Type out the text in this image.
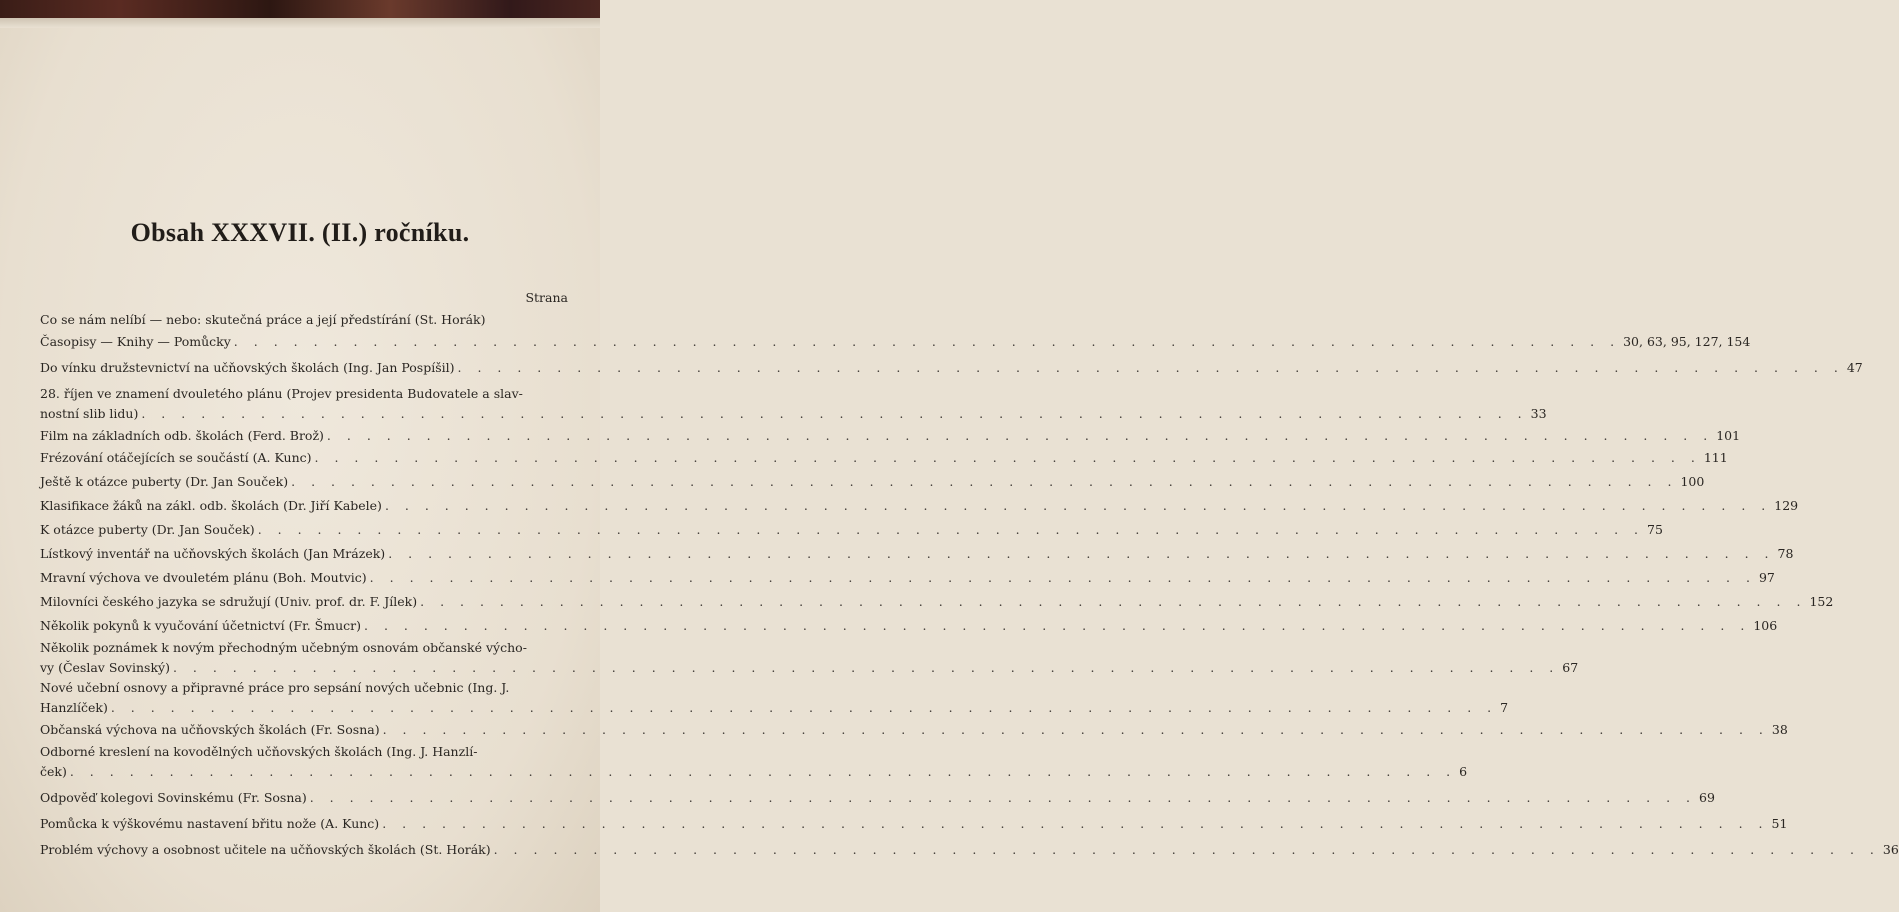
Obsah XXXVII. (II.) ročníku.
Strana
Co se nám nelíbí — nebo: skutečná práce a její předstírání (St. Horák)
Časopisy — Knihy — Pomůcky . . .	30, 63, 95, 127, 154
Do vínku družstevnictví na učňovských školách (Ing. Jan Pospíšil) . . .	47
28. říjen ve znamení dvouletého plánu (Projev presidenta Budovatele a slav-
nostní slib lidu) . . .	33
Film na základních odb. školách (Ferd. Brož) . . .	101
Frézování otáčejících se součástí (A. Kunc) . . .	111
Ještě k otázce puberty (Dr. Jan Souček) . . .	100
Klasifikace žáků na zákl. odb. školách (Dr. Jiří Kabele) . . .	129
K otázce puberty (Dr. Jan Souček) . . .	75
Lístkový inventář na učňovských školách (Jan Mrázek) . . .	78
Mravní výchova ve dvouletém plánu (Boh. Moutvic) . . .	97
Milovníci českého jazyka se sdružují (Univ. prof. dr. F. Jílek) . . .	152
Několik pokynů k vyučování účetnictví (Fr. Šmucr) . . .	106
Několik poznámek k novým přechodným učebným osnovám občanské výcho-
vy (Česlav Sovinský) . . .	67
Nové učební osnovy a připravné práce pro sepsání nových učebnic (Ing. J.
Hanzlíček) . . .	7
Občanská výchova na učňovských školách (Fr. Sosna) . . .	38
Odborné kreslení na kovodělných učňovských školách (Ing. J. Hanzlí-
ček) . . .	6
Odpověď kolegovi Sovinskému (Fr. Sosna) . . .	69
Pomůcka k výškovému nastavení břitu nože (A. Kunc) . . .	51
Problém výchovy a osobnost učitele na učňovských školách (St. Horák) . . .	36
